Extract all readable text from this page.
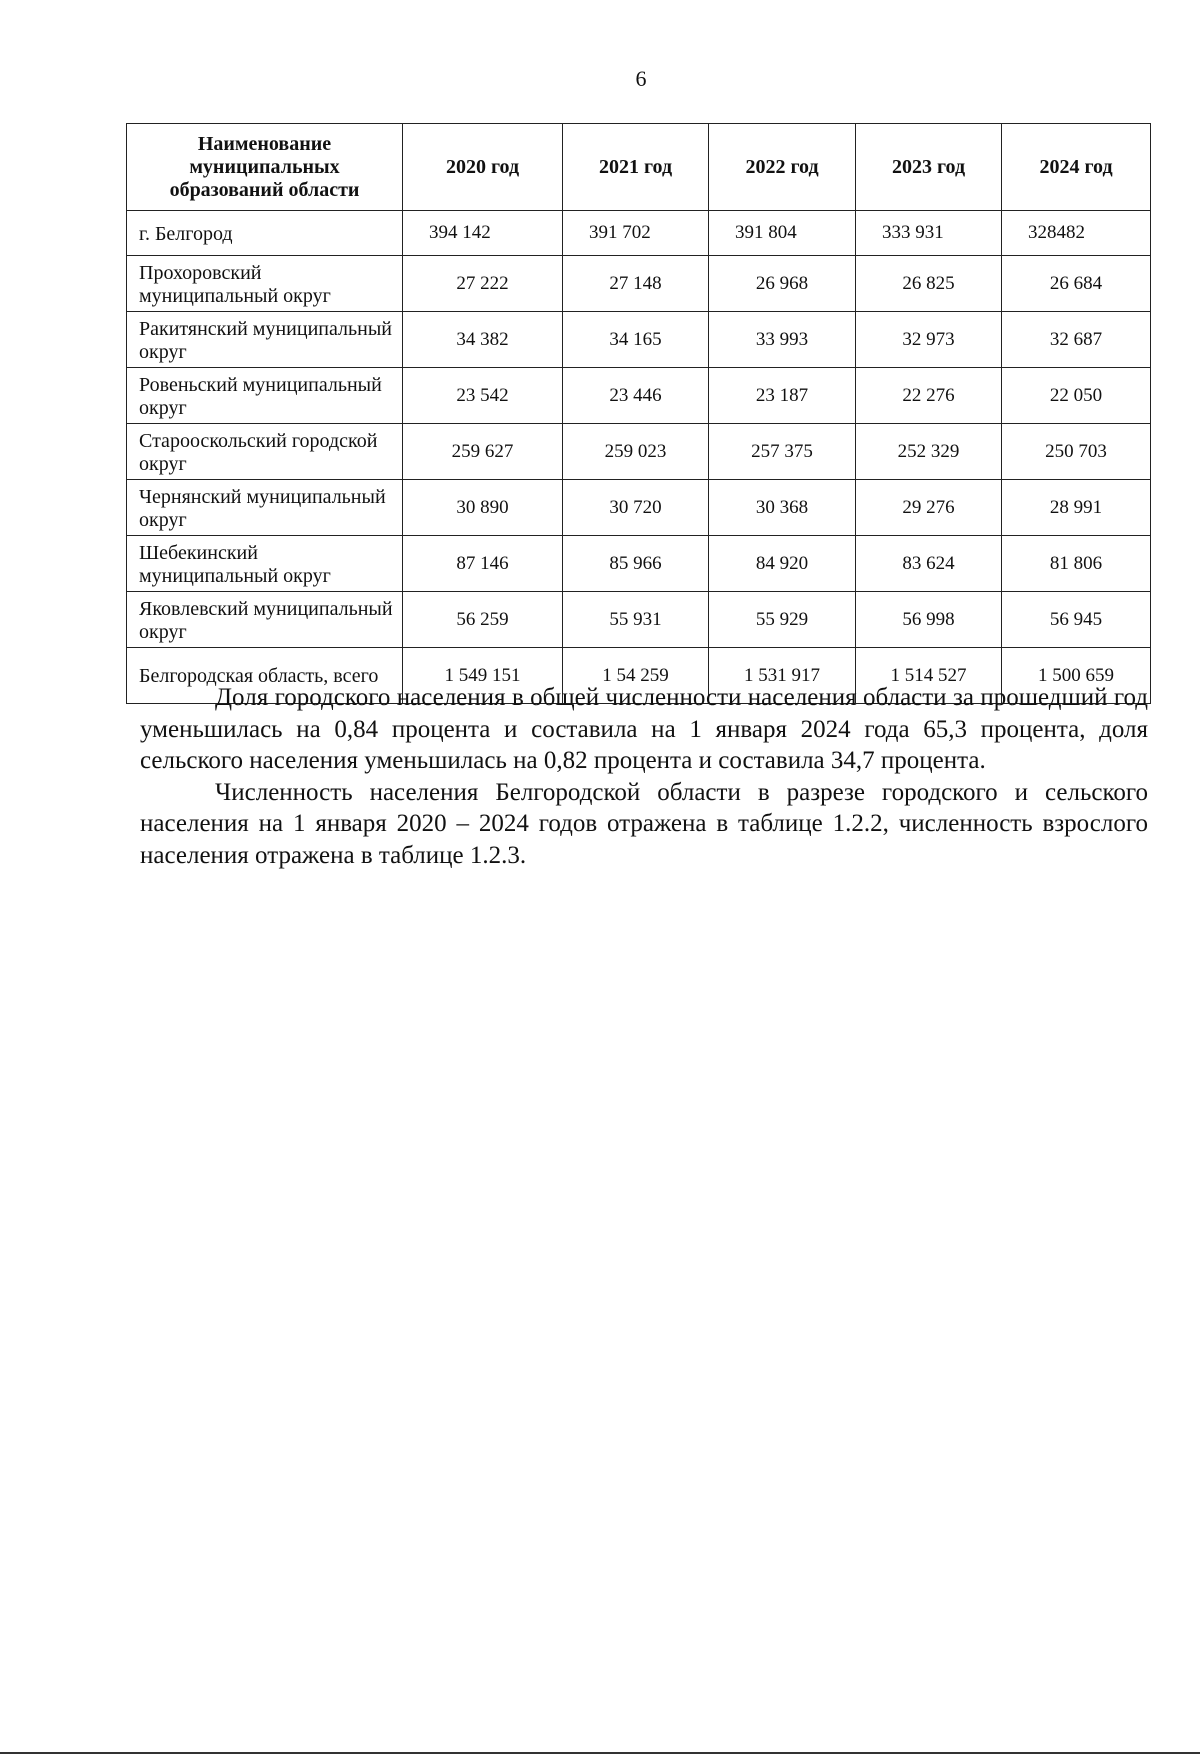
6
Наименование муниципальных образований области	2020 год	2021 год	2022 год	2023 год	2024 год
г. Белгород	394 142	391 702	391 804	333 931	328482
Прохоровский муниципальный округ	27 222	27 148	26 968	26 825	26 684
Ракитянский муниципальный округ	34 382	34 165	33 993	32 973	32 687
Ровеньский муниципальный округ	23 542	23 446	23 187	22 276	22 050
Старооскольский городской округ	259 627	259 023	257 375	252 329	250 703
Чернянский муниципальный округ	30 890	30 720	30 368	29 276	28 991
Шебекинский муниципальный округ	87 146	85 966	84 920	83 624	81 806
Яковлевский муниципальный округ	56 259	55 931	55 929	56 998	56 945
Белгородская область, всего	1 549 151	1 54 259	1 531 917	1 514 527	1 500 659

Доля городского населения в общей численности населения области за прошедший год уменьшилась на 0,84 процента и составила на 1 января 2024 года 65,3 процента, доля сельского населения уменьшилась на 0,82 процента и составила 34,7 процента.

Численность населения Белгородской области в разрезе городского и сельского населения на 1 января 2020 – 2024 годов отражена в таблице 1.2.2, численность взрослого населения отражена в таблице 1.2.3.
